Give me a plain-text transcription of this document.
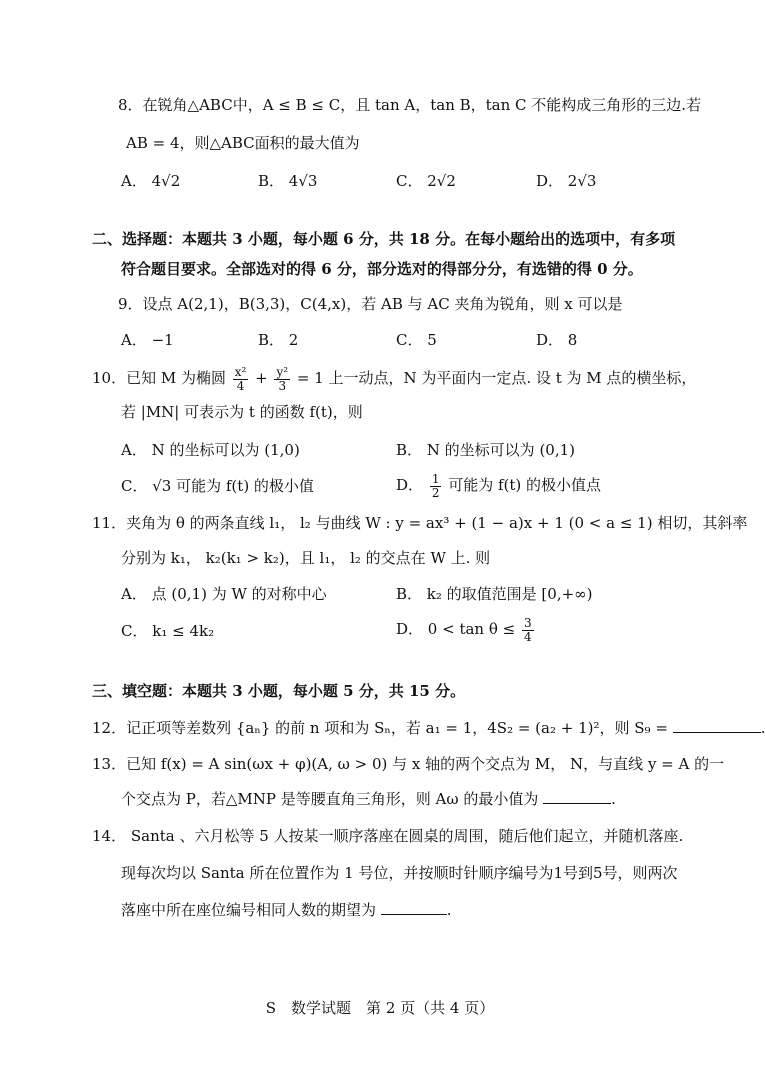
8．在锐角△ABC中，A ≤ B ≤ C，且 tan A，tan B，tan C 不能构成三角形的三边.若
AB = 4，则△ABC面积的最大值为
A． 4√2	B． 4√3	C． 2√2	D． 2√3
二、选择题：本题共 3 小题，每小题 6 分，共 18 分。在每小题给出的选项中，有多项
符合题目要求。全部选对的得 6 分，部分选对的得部分分，有选错的得 0 分。
9．设点 A(2,1)，B(3,3)，C(4,x)，若 AB 与 AC 夹角为锐角，则 x 可以是
A． −1	B． 2	C． 5	D． 8
10．已知 M 为椭圆 $\frac{\text{x²}}{4} + \frac{\text{y²}}{3} = 1$ 上一动点，N 为平面内一定点. 设 t 为 M 点的横坐标，
若 |MN| 可表示为 t 的函数 f(t)，则
A． N 的坐标可以为 (1,0)	B． N 的坐标可以为 (0,1)
C． √3 可能为 f(t) 的极小值	D． $\frac{1}{2}$ 可能为 f(t) 的极小值点
11．夹角为 θ 的两条直线 l₁， l₂ 与曲线 W : y = ax³ + (1 − a)x + 1 (0 < a ≤ 1) 相切，其斜率
分别为 k₁， k₂(k₁ > k₂)，且 l₁， l₂ 的交点在 W 上. 则
A． 点 (0,1) 为 W 的对称中心	B． k₂ 的取值范围是 [0,+∞)
C． k₁ ≤ 4k₂	D． $0 < \tan \theta \le \frac{3}{4}$
三、填空题：本题共 3 小题，每小题 5 分，共 15 分。
12．记正项等差数列 {aₙ} 的前 n 项和为 Sₙ，若 a₁ = 1，4S₂ = (a₂ + 1)²，则 S₉ =	.
13．已知 f(x) = A sin(ωx + φ)(A, ω > 0) 与 x 轴的两个交点为 M， N，与直线 y = A 的一
个交点为 P，若△MNP 是等腰直角三角形，则 Aω 的最小值为	.
14． Santa 、六月松等 5 人按某一顺序落座在圆桌的周围，随后他们起立，并随机落座.
现每次均以 Santa 所在位置作为 1 号位，并按顺时针顺序编号为1号到5号，则两次
落座中所在座位编号相同人数的期望为	.
S　数学试题　第 2 页（共 4 页）
